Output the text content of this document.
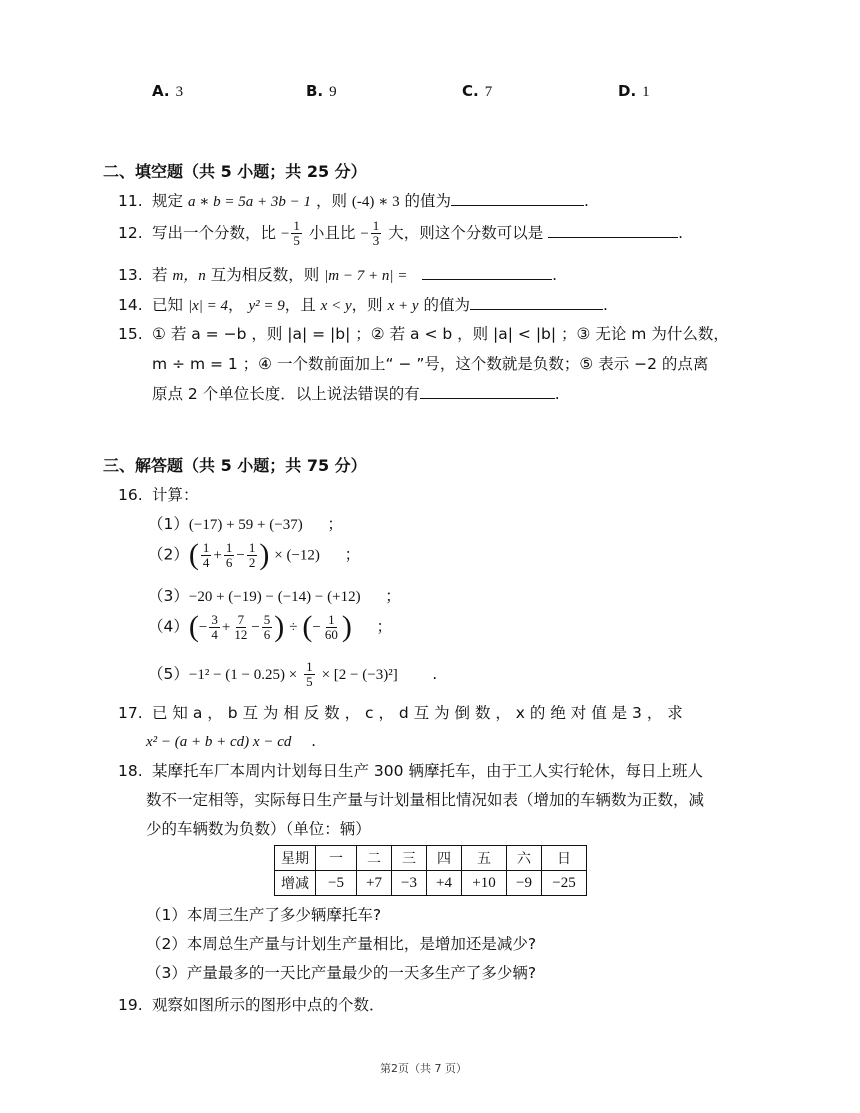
A. 3	B. 9	C. 7	D. 1
二、填空题（共 5 小题；共 25 分）
11. 规定 a ∗ b = 5a + 3b − 1 ，则 (-4) ∗ 3 的值为	.
12. 写出一个分数，比 − $\frac{1}{5}$ 小且比 − $\frac{1}{3}$ 大，则这个分数可以是	.
13. 若 m，n 互为相反数，则 |m − 7 + n| =	.
14. 已知 |x| = 4， y² = 9，且 x < y，则 x + y 的值为	.
15. ① 若 a = −b ，则 |a| = |b| ；② 若 a < b ，则 |a| < |b| ；③ 无论 m 为什么数，
m ÷ m = 1 ；④ 一个数前面加上“ − ”号，这个数就是负数；⑤ 表示 −2 的点离
原点 2 个单位长度．以上说法错误的有	.
三、解答题（共 5 小题；共 75 分）
16. 计算：
（1）(−17) + 59 + (−37) ；
$(2)( \frac{1}{4} + \frac{1}{6} - \frac{1}{2}$ ) × (−12) ；
（3）−20 + (−19) − (−14) − (+12) ；
$(4)(- \frac{3}{4} + \frac{7}{12} - \frac{5}{6}$ ) ÷ (− $\frac{1}{60}$ ) ；
$(5)-1^2 - (1 - 0.25) \times \frac{1}{5} \times [2 - (-3)^2]$ .
17. 已 知 a ， b 互 为 相 反 数 ， c ， d 互 为 倒 数 ， x 的 绝 对 值 是 3 ， 求
x² − (a + b + cd) x − cd .
18. 某摩托车厂本周内计划每日生产 300 辆摩托车，由于工人实行轮休，每日上班人
数不一定相等，实际每日生产量与计划量相比情况如表（增加的车辆数为正数，减
少的车辆数为负数）（单位：辆）
星期	一	二	三	四	五	六	日
增减	−5	+7	−3	+4	+10	−9	−25
（1）本周三生产了多少辆摩托车?
（2）本周总生产量与计划生产量相比，是增加还是减少?
（3）产量最多的一天比产量最少的一天多生产了多少辆?
19. 观察如图所示的图形中点的个数．
第2页（共 7 页）
